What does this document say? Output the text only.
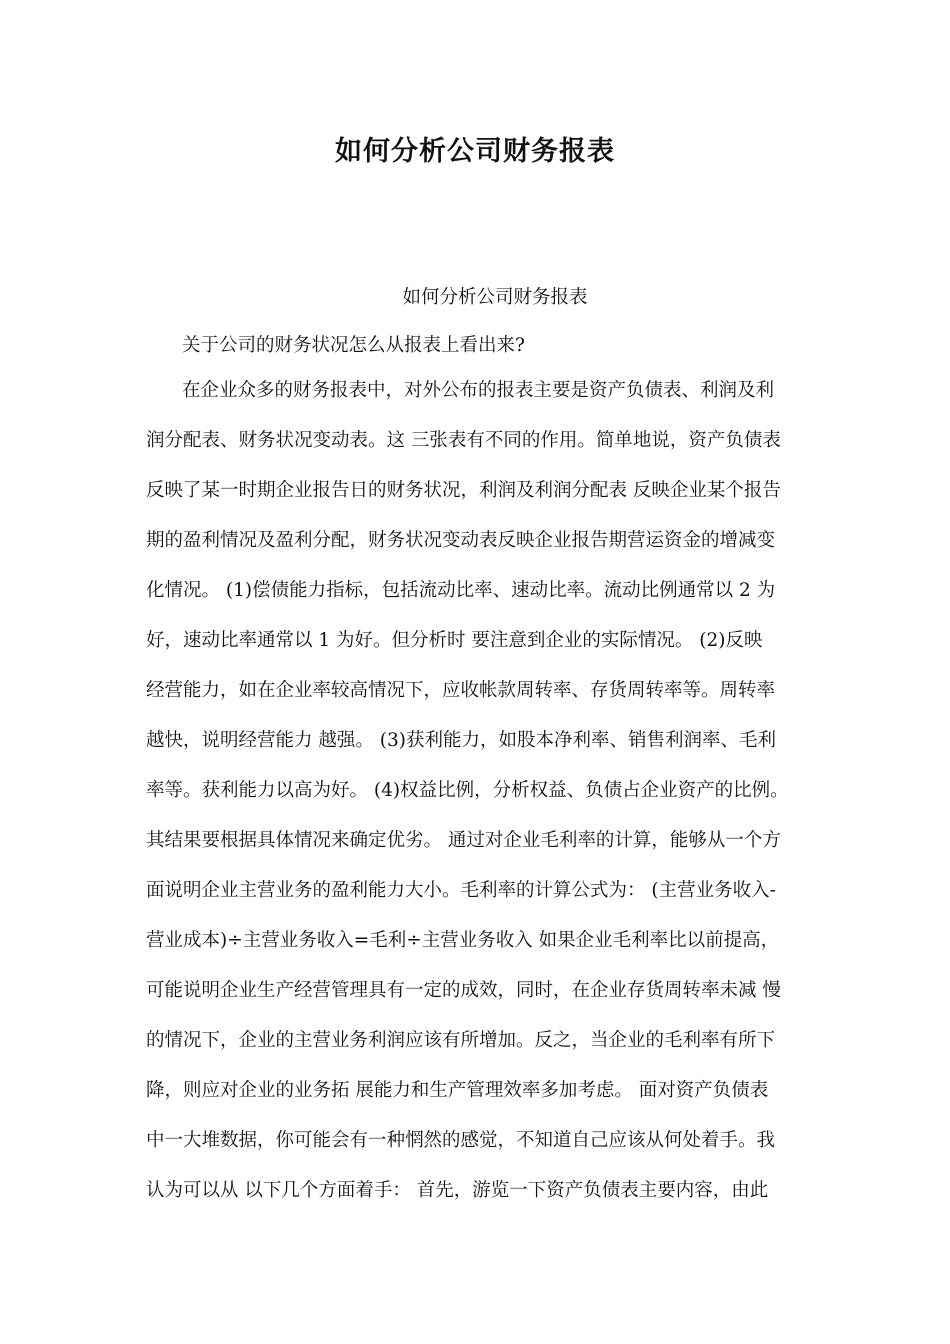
如何分析公司财务报表
如何分析公司财务报表
关于公司的财务状况怎么从报表上看出来?
在企业众多的财务报表中，对外公布的报表主要是资产负债表、利润及利
润分配表、财务状况变动表。这 三张表有不同的作用。简单地说，资产负债表
反映了某一时期企业报告日的财务状况，利润及利润分配表 反映企业某个报告
期的盈利情况及盈利分配，财务状况变动表反映企业报告期营运资金的增减变
化情况。 (1)偿债能力指标，包括流动比率、速动比率。流动比例通常以 2 为
好，速动比率通常以 1 为好。但分析时 要注意到企业的实际情况。 (2)反映
经营能力，如在企业率较高情况下，应收帐款周转率、存货周转率等。周转率
越快，说明经营能力 越强。 (3)获利能力，如股本净利率、销售利润率、毛利
率等。获利能力以高为好。 (4)权益比例，分析权益、负债占企业资产的比例。
其结果要根据具体情况来确定优劣。 通过对企业毛利率的计算，能够从一个方
面说明企业主营业务的盈利能力大小。毛利率的计算公式为： (主营业务收入-
营业成本)÷主营业务收入=毛利÷主营业务收入 如果企业毛利率比以前提高，
可能说明企业生产经营管理具有一定的成效，同时，在企业存货周转率未减 慢
的情况下，企业的主营业务利润应该有所增加。反之，当企业的毛利率有所下
降，则应对企业的业务拓 展能力和生产管理效率多加考虑。 面对资产负债表
中一大堆数据，你可能会有一种惘然的感觉，不知道自己应该从何处着手。我
认为可以从 以下几个方面着手： 首先，游览一下资产负债表主要内容，由此
